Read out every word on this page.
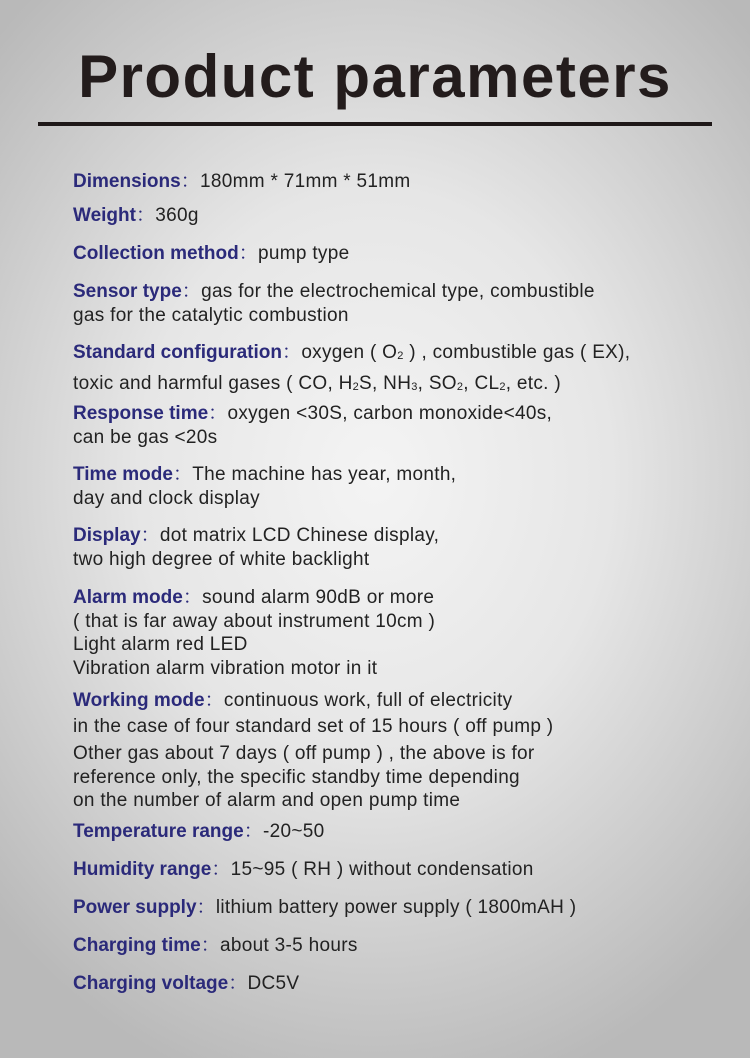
Product parameters
Dimensions：180mm * 71mm * 51mm
Weight：360g
Collection method：pump type
Sensor type：gas for the electrochemical type, combustible
gas for the catalytic combustion
Standard configuration：oxygen ( $O_2$ ) , combustible gas ( EX),
toxic and harmful gases ( CO, $H_2S$, $NH_3$, $SO_2$, $CL_2$, etc. )
Response time：oxygen <30S, carbon monoxide<40s,
can be gas <20s
Time mode：The machine has year, month,
day and clock display
Display：dot matrix LCD Chinese display,
two high degree of white backlight
Alarm mode：sound alarm 90dB or more
( that is far away about instrument 10cm )
Light alarm red LED
Vibration alarm vibration motor in it
Working mode：continuous work, full of electricity
in the case of four standard set of 15 hours ( off pump )
Other gas about 7 days ( off pump ) , the above is for
reference only, the specific standby time depending
on the number of alarm and open pump time
Temperature range：-20~50
Humidity range：15~95 ( RH ) without condensation
Power supply：lithium battery power supply ( 1800mAH )
Charging time：about 3-5 hours
Charging voltage：DC5V
